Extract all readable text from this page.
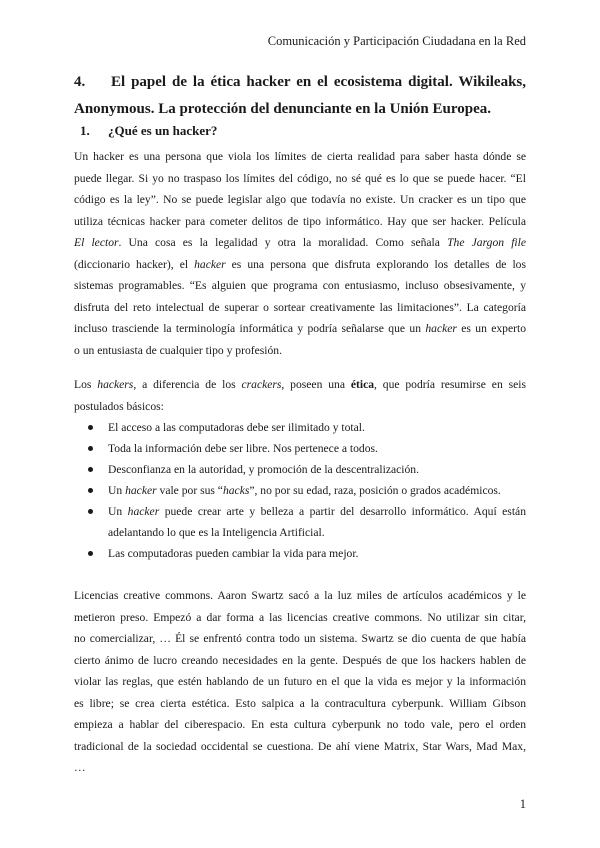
Comunicación y Participación Ciudadana en la Red
4. El papel de la ética hacker en el ecosistema digital. Wikileaks,
Anonymous. La protección del denunciante en la Unión Europea.
1. ¿Qué es un hacker?
Un hacker es una persona que viola los límites de cierta realidad para saber hasta dónde se
puede llegar. Si yo no traspaso los límites del código, no sé qué es lo que se puede hacer. “El
código es la ley”. No se puede legislar algo que todavía no existe. Un cracker es un tipo que
utiliza técnicas hacker para cometer delitos de tipo informático. Hay que ser hacker. Película
El lector. Una cosa es la legalidad y otra la moralidad. Como señala The Jargon file
(diccionario hacker), el hacker es una persona que disfruta explorando los detalles de los
sistemas programables. “Es alguien que programa con entusiasmo, incluso obsesivamente, y
disfruta del reto intelectual de superar o sortear creativamente las limitaciones”. La categoría
incluso trasciende la terminología informática y podría señalarse que un hacker es un experto
o un entusiasta de cualquier tipo y profesión.
Los hackers, a diferencia de los crackers, poseen una ética, que podría resumirse en seis
postulados básicos:
El acceso a las computadoras debe ser ilimitado y total.
Toda la información debe ser libre. Nos pertenece a todos.
Desconfianza en la autoridad, y promoción de la descentralización.
Un hacker vale por sus “hacks”, no por su edad, raza, posición o grados académicos.
Un hacker puede crear arte y belleza a partir del desarrollo informático. Aquí están adelantando lo que es la Inteligencia Artificial.
Las computadoras pueden cambiar la vida para mejor.
Licencias creative commons. Aaron Swartz sacó a la luz miles de artículos académicos y le
metieron preso. Empezó a dar forma a las licencias creative commons. No utilizar sin citar,
no comercializar, … Él se enfrentó contra todo un sistema. Swartz se dio cuenta de que había
cierto ánimo de lucro creando necesidades en la gente. Después de que los hackers hablen de
violar las reglas, que estén hablando de un futuro en el que la vida es mejor y la información
es libre; se crea cierta estética. Esto salpica a la contracultura cyberpunk. William Gibson
empieza a hablar del ciberespacio. En esta cultura cyberpunk no todo vale, pero el orden
tradicional de la sociedad occidental se cuestiona. De ahí viene Matrix, Star Wars, Mad Max,
…
1
